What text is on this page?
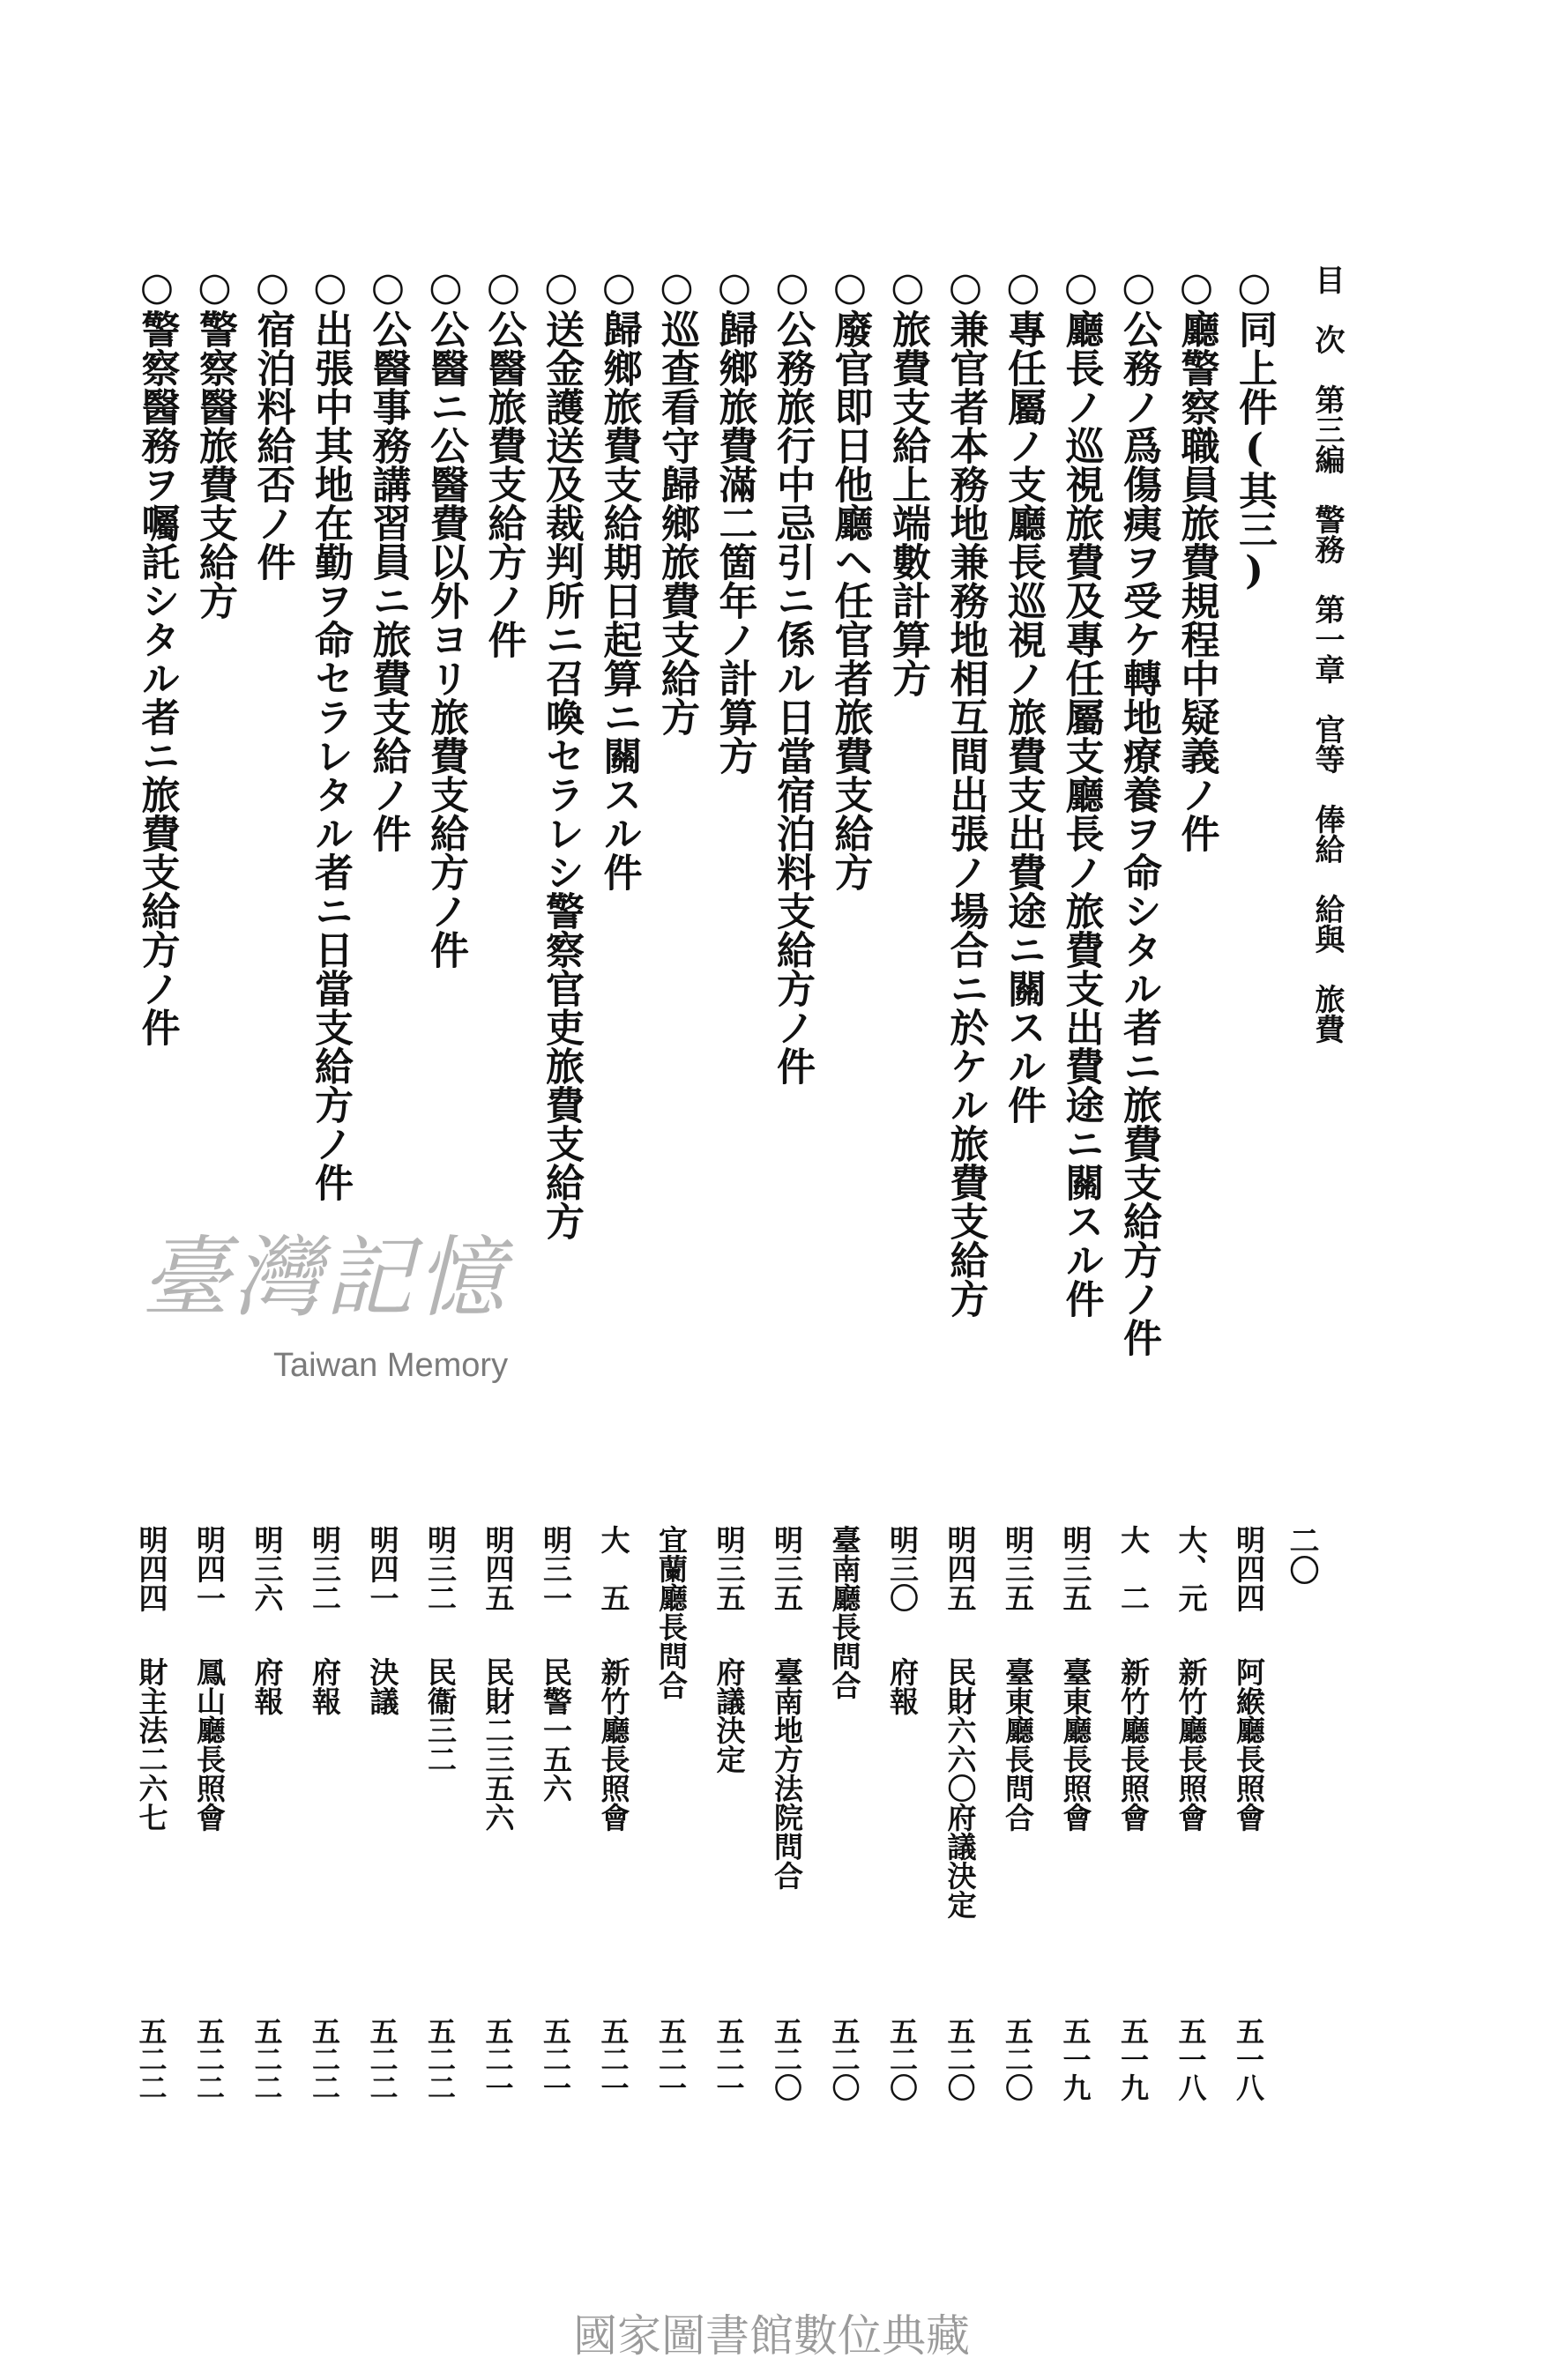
目次第三編警務第一章官等俸給給與旅費
二〇
○同上件(其三)
明四四
阿緱廳長照會
五一八
○廳警察職員旅費規程中疑義ノ件
大、元
新竹廳長照會
五一八
○公務ノ爲傷痍ヲ受ケ轉地療養ヲ命シタル者ニ旅費支給方ノ件
大　二
新竹廳長照會
五一九
○廳長ノ巡視旅費及專任屬支廳長ノ旅費支出費途ニ關スル件
明三五
臺東廳長照會
五一九
○專任屬ノ支廳長巡視ノ旅費支出費途ニ關スル件
明三五
臺東廳長問合
五二〇
○兼官者本務地兼務地相互間出張ノ場合ニ於ケル旅費支給方
明四五
民財六六〇府議決定
五二〇
○旅費支給上端數計算方
明三〇
府報
五二〇
○廢官即日他廳ヘ任官者旅費支給方
臺南廳長問合
五二〇
○公務旅行中忌引ニ係ル日當宿泊料支給方ノ件
明三五
臺南地方法院問合
五二〇
○歸鄉旅費滿二箇年ノ計算方
明三五
府議決定
五二一
○巡查看守歸鄉旅費支給方
宜蘭廳長問合
五二一
○歸鄉旅費支給期日起算ニ關スル件
大　五
新竹廳長照會
五二一
○送金護送及裁判所ニ召喚セラレシ警察官吏旅費支給方
明三一
民警一五六
五二一
○公醫旅費支給方ノ件
明四五
民財二三五六
五二一
○公醫ニ公醫費以外ヨリ旅費支給方ノ件
明三二
民衞三二
五二二
○公醫事務講習員ニ旅費支給ノ件
明四一
決議
五二二
○出張中其地在勤ヲ命セラレタル者ニ日當支給方ノ件
明三二
府報
五二二
○宿泊料給否ノ件
明三六
府報
五二二
○警察醫旅費支給方
明四一
鳳山廳長照會
五二二
○警察醫務ヲ囑託シタル者ニ旅費支給方ノ件
明四四
財主法二六七
五二二
臺灣記憶
Taiwan Memory
國家圖書館數位典藏
